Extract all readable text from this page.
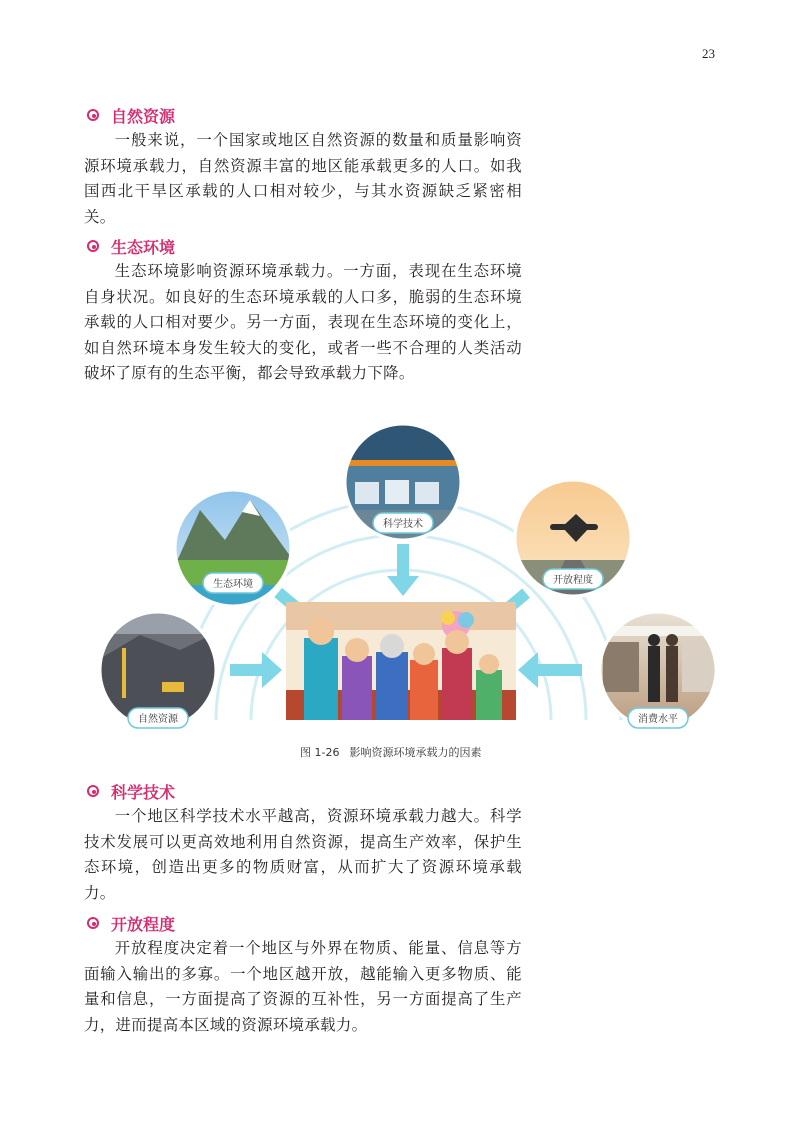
23
自然资源

一般来说，一个国家或地区自然资源的数量和质量影响资源环境承载力，自然资源丰富的地区能承载更多的人口。如我国西北干旱区承载的人口相对较少，与其水资源缺乏紧密相关。

生态环境

生态环境影响资源环境承载力。一方面，表现在生态环境自身状况。如良好的生态环境承载的人口多，脆弱的生态环境承载的人口相对要少。另一方面，表现在生态环境的变化上，如自然环境本身发生较大的变化，或者一些不合理的人类活动破坏了原有的生态平衡，都会导致承载力下降。

科学技术
生态环境	开放程度
自然资源	消费水平
图 1-26 影响资源环境承载力的因素
科学技术

一个地区科学技术水平越高，资源环境承载力越大。科学技术发展可以更高效地利用自然资源，提高生产效率，保护生态环境，创造出更多的物质财富，从而扩大了资源环境承载力。

开放程度

开放程度决定着一个地区与外界在物质、能量、信息等方面输入输出的多寡。一个地区越开放，越能输入更多物质、能量和信息，一方面提高了资源的互补性，另一方面提高了生产力，进而提高本区域的资源环境承载力。
